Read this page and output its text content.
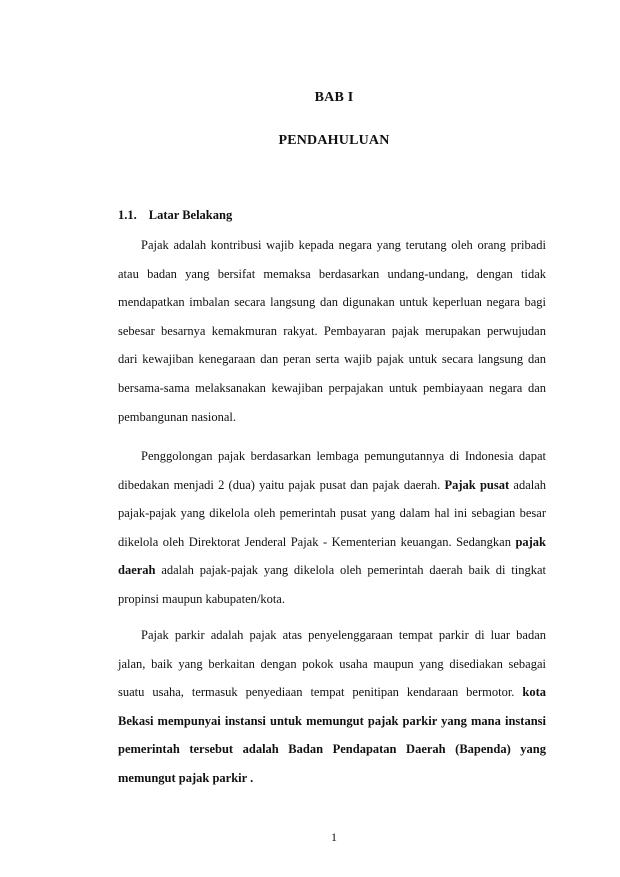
BAB I
PENDAHULUAN
1.1. Latar Belakang

Pajak adalah kontribusi wajib kepada negara yang terutang oleh orang pribadi atau badan yang bersifat memaksa berdasarkan undang-undang, dengan tidak mendapatkan imbalan secara langsung dan digunakan untuk keperluan negara bagi sebesar besarnya kemakmuran rakyat. Pembayaran pajak merupakan perwujudan dari kewajiban kenegaraan dan peran serta wajib pajak untuk secara langsung dan bersama-sama melaksanakan kewajiban perpajakan untuk pembiayaan negara dan pembangunan nasional.

Penggolongan pajak berdasarkan lembaga pemungutannya di Indonesia dapat dibedakan menjadi 2 (dua) yaitu pajak pusat dan pajak daerah. Pajak pusat adalah pajak-pajak yang dikelola oleh pemerintah pusat yang dalam hal ini sebagian besar dikelola oleh Direktorat Jenderal Pajak - Kementerian keuangan. Sedangkan pajak daerah adalah pajak-pajak yang dikelola oleh pemerintah daerah baik di tingkat propinsi maupun kabupaten/kota.

Pajak parkir adalah pajak atas penyelenggaraan tempat parkir di luar badan jalan, baik yang berkaitan dengan pokok usaha maupun yang disediakan sebagai suatu usaha, termasuk penyediaan tempat penitipan kendaraan bermotor. kota Bekasi mempunyai instansi untuk memungut pajak parkir yang mana instansi pemerintah tersebut adalah Badan Pendapatan Daerah (Bapenda) yang memungut pajak parkir .

1
